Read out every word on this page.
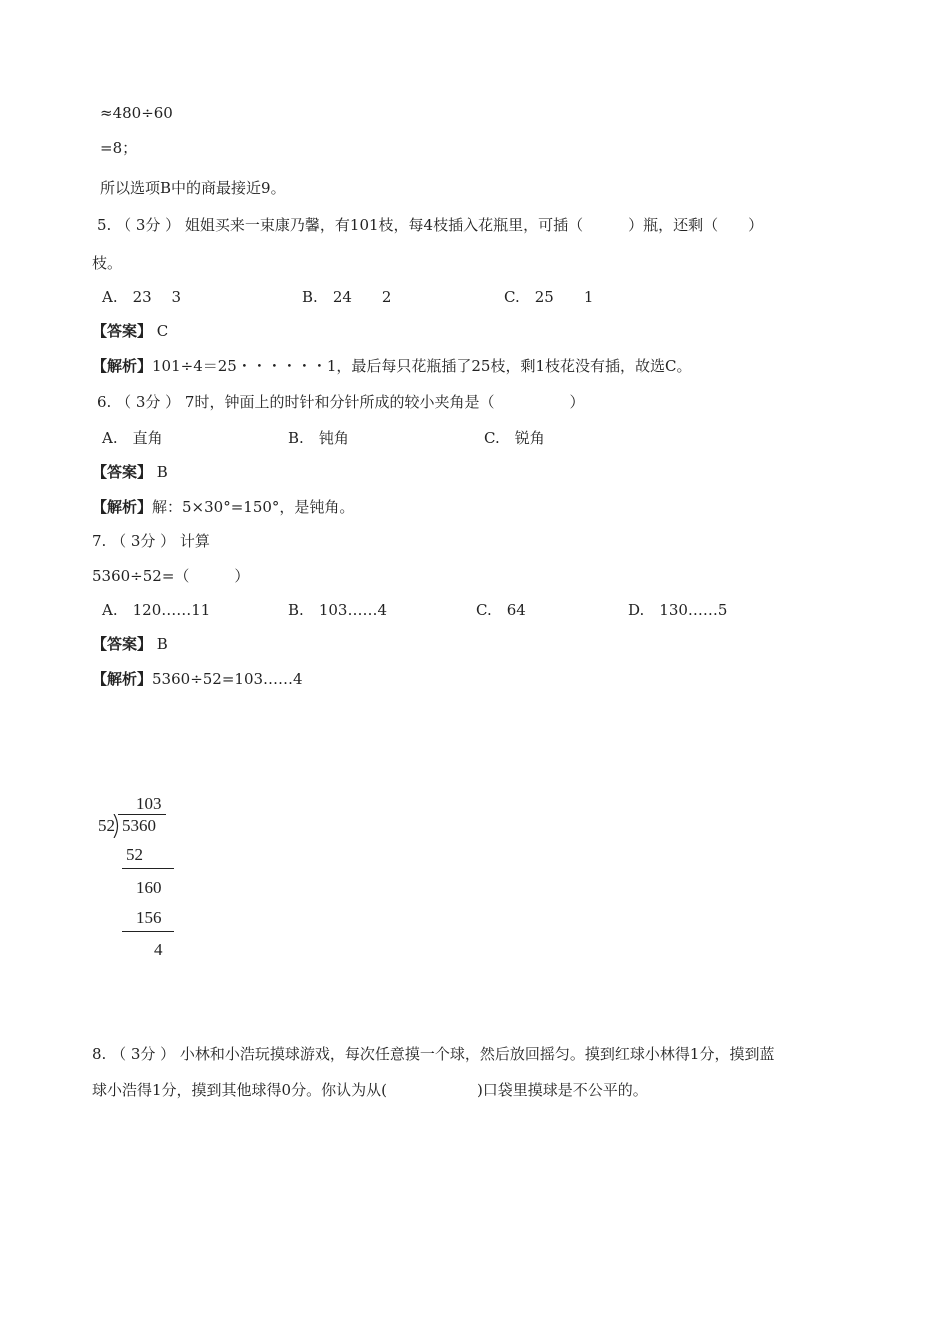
≈480÷60
=8；
所以选项B中的商最接近9。
5. （ 3分 ） 姐姐买来一束康乃馨，有101枝，每4枝插入花瓶里，可插（　　　）瓶，还剩（　　）
枝。
A.　 23　 3	B.　 24　　2	C.　 25　　1
【答案】 C
【解析】101÷4＝25・・・・・・1，最后每只花瓶插了25枝，剩1枝花没有插，故选C。
6. （ 3分 ） 7时，钟面上的时针和分针所成的较小夹角是（　　　　　）
A.　 直角	B.　 钝角	C.　 锐角
【答案】 B
【解析】解：5×30°=150°，是钝角。
7. （ 3分 ） 计算
5360÷52=（　　　）
A.　 120……11	B.　 103……4	C.　 64	D.　 130……5
【答案】 B
【解析】5360÷52=103……4
103
52 5360
52
160
156
4
8. （ 3分 ） 小林和小浩玩摸球游戏，每次任意摸一个球，然后放回摇匀。摸到红球小林得1分，摸到蓝
球小浩得1分，摸到其他球得0分。你认为从(　　　　　　)口袋里摸球是不公平的。
